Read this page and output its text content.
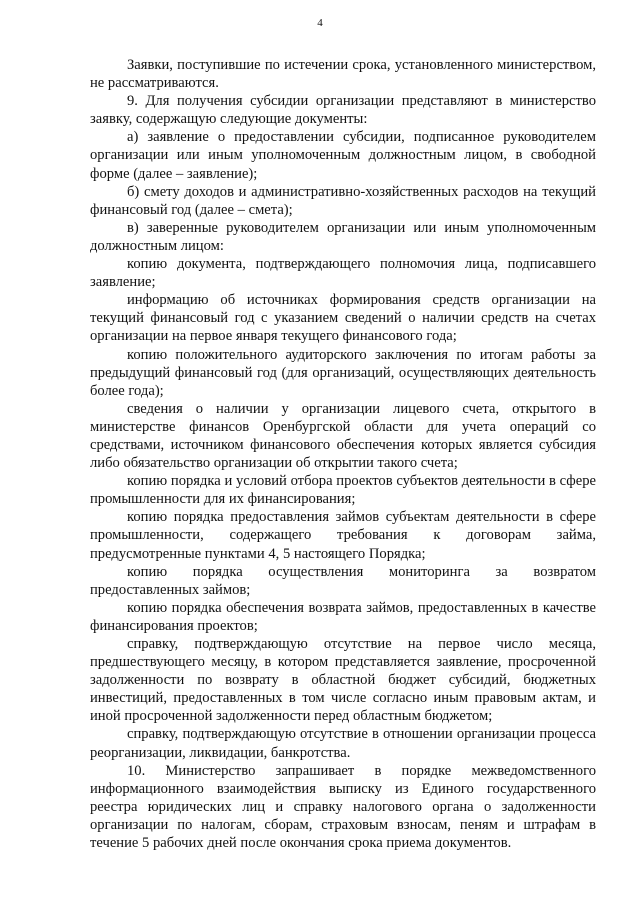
4

Заявки, поступившие по истечении срока, установленного министерством, не рассматриваются.

9. Для получения субсидии организации представляют в министерство заявку, содержащую следующие документы:

а) заявление о предоставлении субсидии, подписанное руководителем организации или иным уполномоченным должностным лицом, в свободной форме (далее – заявление);

б) смету доходов и административно-хозяйственных расходов на текущий финансовый год (далее – смета);

в) заверенные руководителем организации или иным уполномоченным должностным лицом:

копию документа, подтверждающего полномочия лица, подписавшего заявление;

информацию об источниках формирования средств организации на текущий финансовый год с указанием сведений о наличии средств на счетах организации на первое января текущего финансового года;

копию положительного аудиторского заключения по итогам работы за предыдущий финансовый год (для организаций, осуществляющих деятельность более года);

сведения о наличии у организации лицевого счета, открытого в министерстве финансов Оренбургской области для учета операций со средствами, источником финансового обеспечения которых является субсидия либо обязательство организации об открытии такого счета;

копию порядка и условий отбора проектов субъектов деятельности в сфере промышленности для их финансирования;

копию порядка предоставления займов субъектам деятельности в сфере промышленности, содержащего требования к договорам займа, предусмотренные пунктами 4, 5 настоящего Порядка;

копию порядка осуществления мониторинга за возвратом предоставленных займов;

копию порядка обеспечения возврата займов, предоставленных в качестве финансирования проектов;

справку, подтверждающую отсутствие на первое число месяца, предшествующего месяцу, в котором представляется заявление, просроченной задолженности по возврату в областной бюджет субсидий, бюджетных инвестиций, предоставленных в том числе согласно иным правовым актам, и иной просроченной задолженности перед областным бюджетом;

справку, подтверждающую отсутствие в отношении организации процесса реорганизации, ликвидации, банкротства.

10. Министерство запрашивает в порядке межведомственного информационного взаимодействия выписку из Единого государственного реестра юридических лиц и справку налогового органа о задолженности организации по налогам, сборам, страховым взносам, пеням и штрафам в течение 5 рабочих дней после окончания срока приема документов.
